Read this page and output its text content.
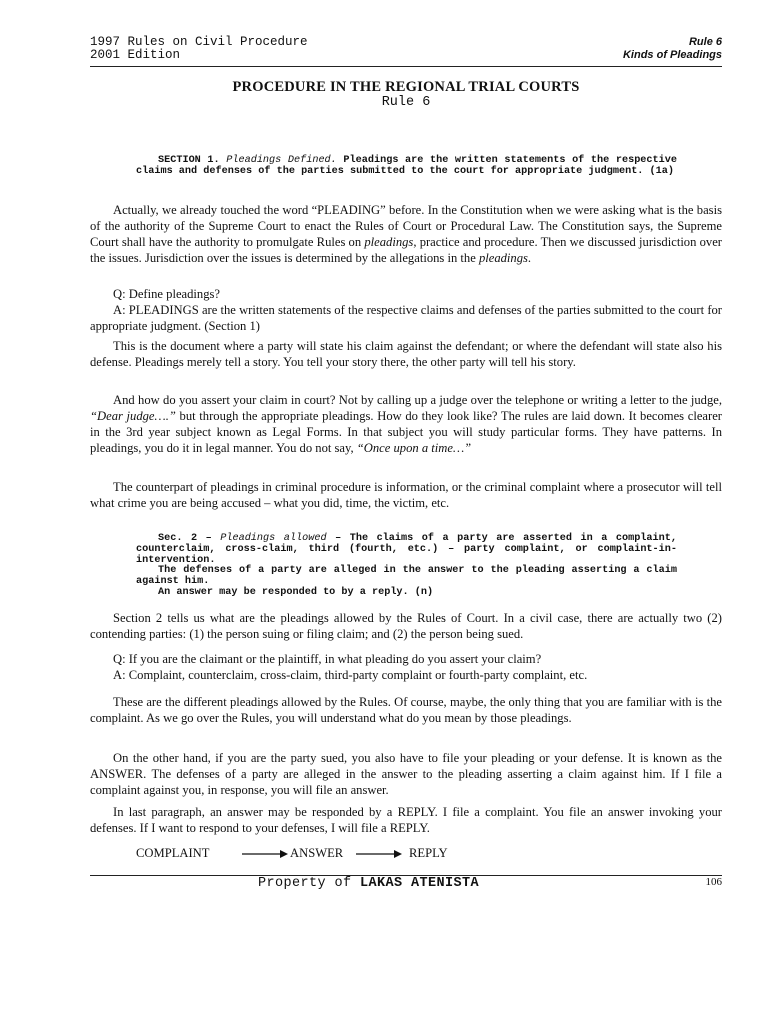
1997 Rules on Civil Procedure
2001 Edition
Rule 6
Kinds of Pleadings
PROCEDURE IN THE REGIONAL TRIAL COURTS
Rule 6

SECTION 1. Pleadings Defined. Pleadings are the written statements of the respective claims and defenses of the parties submitted to the court for appropriate judgment. (1a)

Actually, we already touched the word “PLEADING” before. In the Constitution when we were asking what is the basis of the authority of the Supreme Court to enact the Rules of Court or Procedural Law. The Constitution says, the Supreme Court shall have the authority to promulgate Rules on pleadings, practice and procedure. Then we discussed jurisdiction over the issues. Jurisdiction over the issues is determined by the allegations in the pleadings.

Q: Define pleadings?
A: PLEADINGS are the written statements of the respective claims and defenses of the parties submitted to the court for appropriate judgment. (Section 1)

This is the document where a party will state his claim against the defendant; or where the defendant will state also his defense. Pleadings merely tell a story. You tell your story there, the other party will tell his story.

And how do you assert your claim in court? Not by calling up a judge over the telephone or writing a letter to the judge, “Dear judge….” but through the appropriate pleadings. How do they look like? The rules are laid down. It becomes clearer in the 3rd year subject known as Legal Forms. In that subject you will study particular forms. They have patterns. In pleadings, you do it in legal manner. You do not say, “Once upon a time…”

The counterpart of pleadings in criminal procedure is information, or the criminal complaint where a prosecutor will tell what crime you are being accused – what you did, time, the victim, etc.

Sec. 2 – Pleadings allowed – The claims of a party are asserted in a complaint, counterclaim, cross-claim, third (fourth, etc.) – party complaint, or complaint-in-intervention.

The defenses of a party are alleged in the answer to the pleading asserting a claim against him.

An answer may be responded to by a reply. (n)

Section 2 tells us what are the pleadings allowed by the Rules of Court. In a civil case, there are actually two (2) contending parties: (1) the person suing or filing claim; and (2) the person being sued.

Q: If you are the claimant or the plaintiff, in what pleading do you assert your claim?
A: Complaint, counterclaim, cross-claim, third-party complaint or fourth-party complaint, etc.

These are the different pleadings allowed by the Rules. Of course, maybe, the only thing that you are familiar with is the complaint. As we go over the Rules, you will understand what do you mean by those pleadings.

On the other hand, if you are the party sued, you also have to file your pleading or your defense. It is known as the ANSWER. The defenses of a party are alleged in the answer to the pleading asserting a claim against him. If I file a complaint against you, in response, you will file an answer.

In last paragraph, an answer may be responded by a REPLY. I file a complaint. You file an answer invoking your defenses. If I want to respond to your defenses, I will file a REPLY.

COMPLAINT	ANSWER	REPLY
Property of LAKAS ATENISTA	106
